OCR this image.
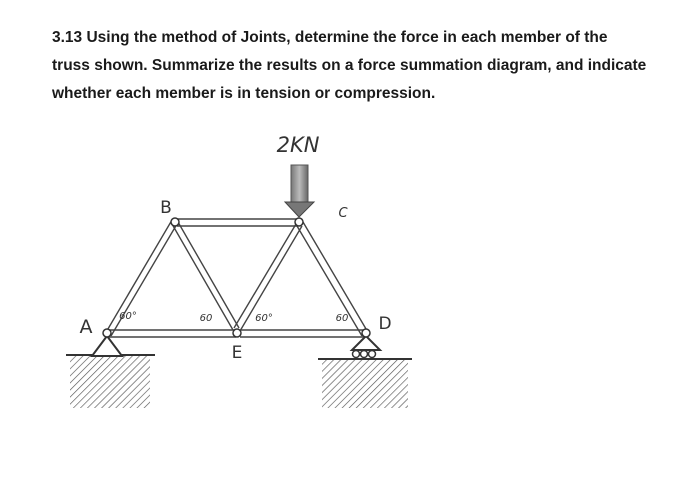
3.13 Using the method of Joints, determine the force in each member of the
truss shown. Summarize the results on a force summation diagram, and indicate
whether each member is in tension or compression.

2KN
A
B	C
D
E
60°	60	60°	60
